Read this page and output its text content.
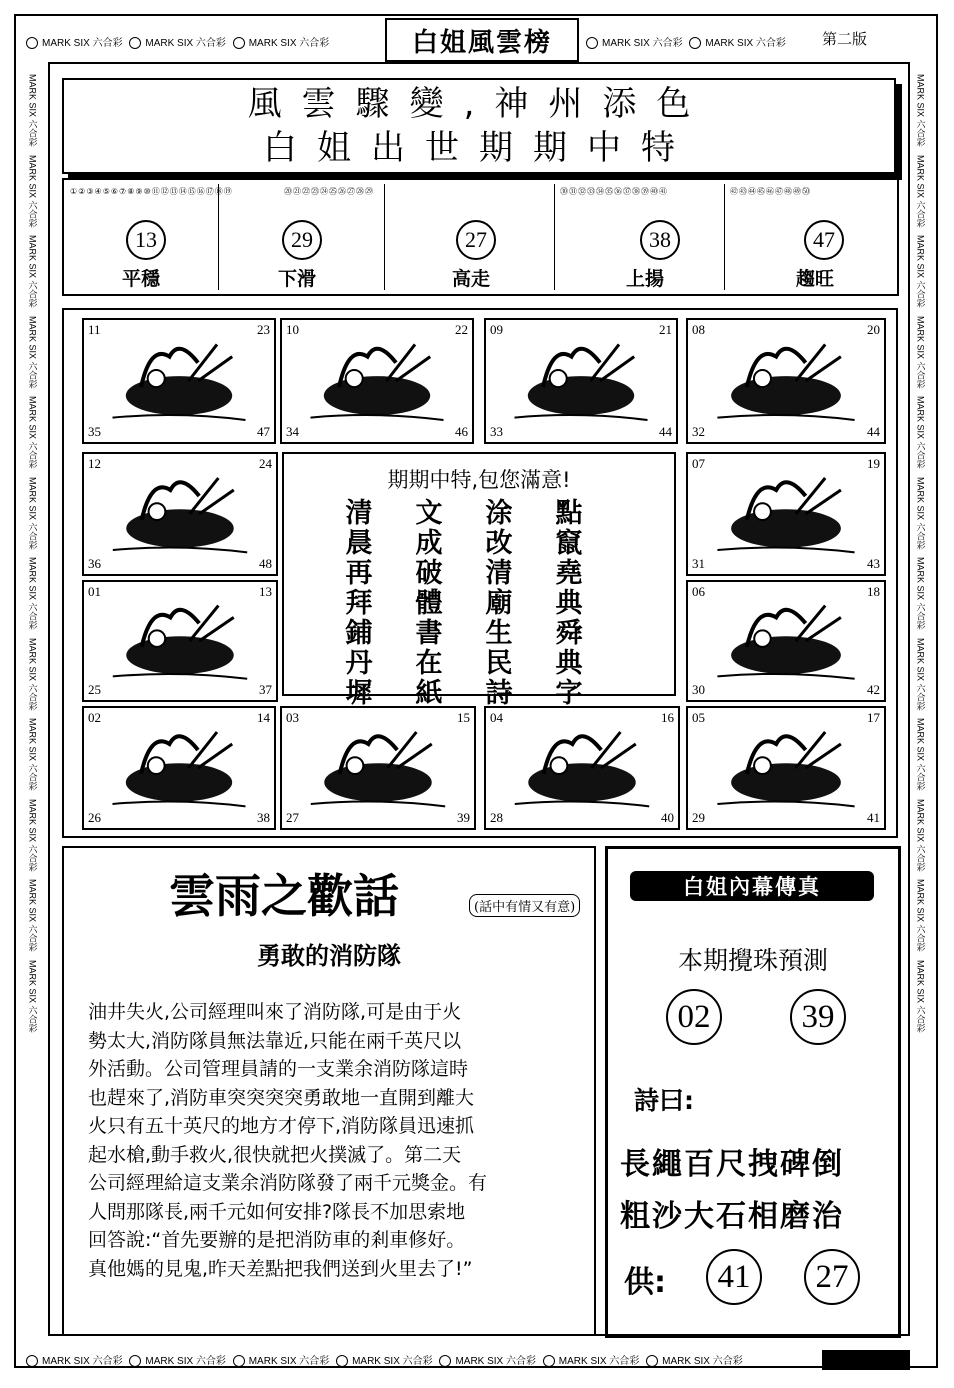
MARK SIX 六合彩 MARK SIX 六合彩 MARK SIX 六合彩	MARK SIX 六合彩 MARK SIX 六合彩
MARK SIX 六合彩 MARK SIX 六合彩 MARK SIX 六合彩 MARK SIX 六合彩 MARK SIX 六合彩 MARK SIX 六合彩 MARK SIX 六合彩
MARK SIX 六合彩
MARK SIX 六合彩
MARK SIX 六合彩
MARK SIX 六合彩
MARK SIX 六合彩
MARK SIX 六合彩
MARK SIX 六合彩
MARK SIX 六合彩
MARK SIX 六合彩
MARK SIX 六合彩
MARK SIX 六合彩
MARK SIX 六合彩
MARK SIX 六合彩
MARK SIX 六合彩
MARK SIX 六合彩
MARK SIX 六合彩
MARK SIX 六合彩
MARK SIX 六合彩
MARK SIX 六合彩
MARK SIX 六合彩
MARK SIX 六合彩
MARK SIX 六合彩
MARK SIX 六合彩
MARK SIX 六合彩
白姐風雲榜	第二版
風雲驟變,神州添色
白姐出世期期中特
①②③④⑤⑥⑦⑧⑨⑩⑪⑫⑬⑭⑮⑯⑰⑱⑲
13
平穩
29
下滑
⑳㉑㉒㉓㉔㉕㉖㉗㉘㉙
27
高走
㉚㉛㉜㉝㉞㉟㊱㊲㊳㊴㊵㊶
38
上揚
㊷㊸㊹㊺㊻㊼㊽㊾㊿
47
趨旺
11	23
35	47
10	22
34	46
09	21
33	44
08	20
32	44
12	24
36	48
07	19
31	43
01	13
25	37
06	18
30	42
02	14
26	38
03	15
27	39
04	16
28	40
05	17
29	41
期期中特,包您滿意!
清	文	涂	點
晨	成	改	竄
再	破	清	堯
拜	體	廟	典
鋪	書	生	舜
丹	在	民	典
墀	紙	詩	字
雲雨之歡話	(話中有情又有意)
勇敢的消防隊
油井失火,公司經理叫來了消防隊,可是由于火
勢太大,消防隊員無法靠近,只能在兩千英尺以
外活動。公司管理員請的一支業余消防隊這時
也趕來了,消防車突突突突勇敢地一直開到離大
火只有五十英尺的地方才停下,消防隊員迅速抓
起水槍,動手救火,很快就把火撲滅了。第二天
公司經理給這支業余消防隊發了兩千元獎金。有
人問那隊長,兩千元如何安排?隊長不加思索地
回答說:“首先要辦的是把消防車的剎車修好。
真他媽的見鬼,昨天差點把我們送到火里去了!”
白姐內幕傳真
本期攪珠預測
02	39
詩曰:
長繩百尺拽碑倒
粗沙大石相磨治
供:	41	27
